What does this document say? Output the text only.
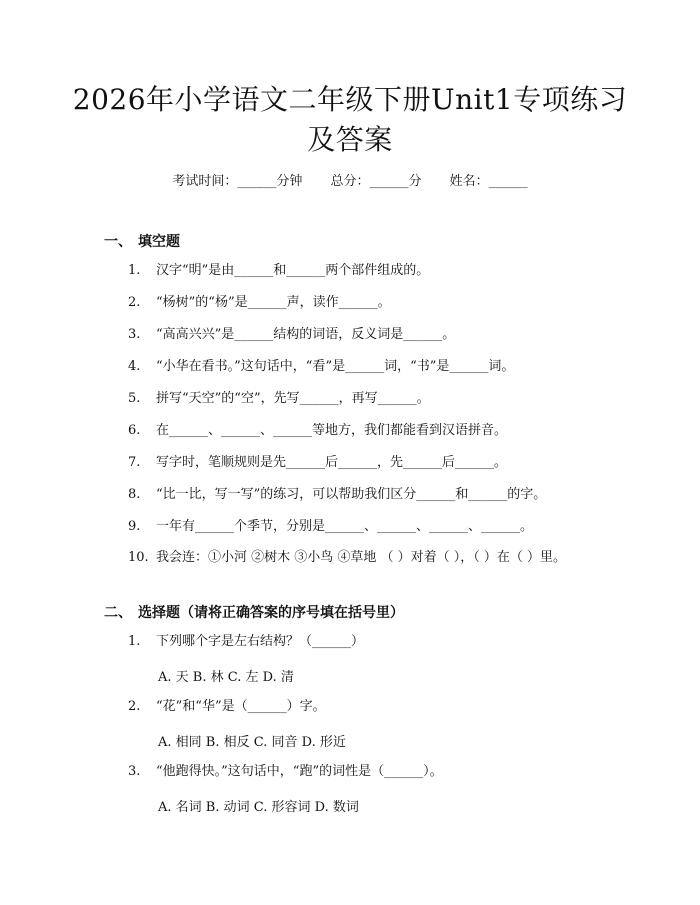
2026年小学语文二年级下册Unit1专项练习及答案
考试时间：______分钟 总分：______分 姓名：______
一、 填空题
1. 汉字“明”是由______和______两个部件组成的。
2. “杨树”的“杨”是______声，读作______。
3. “高高兴兴”是______结构的词语，反义词是______。
4. “小华在看书。”这句话中，“看”是______词，“书”是______词。
5. 拼写“天空”的“空”，先写______，再写______。
6. 在______、______、______等地方，我们都能看到汉语拼音。
7. 写字时，笔顺规则是先______后______，先______后______。
8. “比一比，写一写”的练习，可以帮助我们区分______和______的字。
9. 一年有______个季节，分别是______、______、______、______。
10. 我会连：①小河 ②树木 ③小鸟 ④草地 （ ）对着（ ），（ ）在（ ）里。
二、 选择题（请将正确答案的序号填在括号里）
1. 下列哪个字是左右结构？（______）
A. 天 B. 林 C. 左 D. 清
2. “花”和“华”是（______）字。
A. 相同 B. 相反 C. 同音 D. 形近
3. “他跑得快。”这句话中，“跑”的词性是（______）。
A. 名词 B. 动词 C. 形容词 D. 数词
